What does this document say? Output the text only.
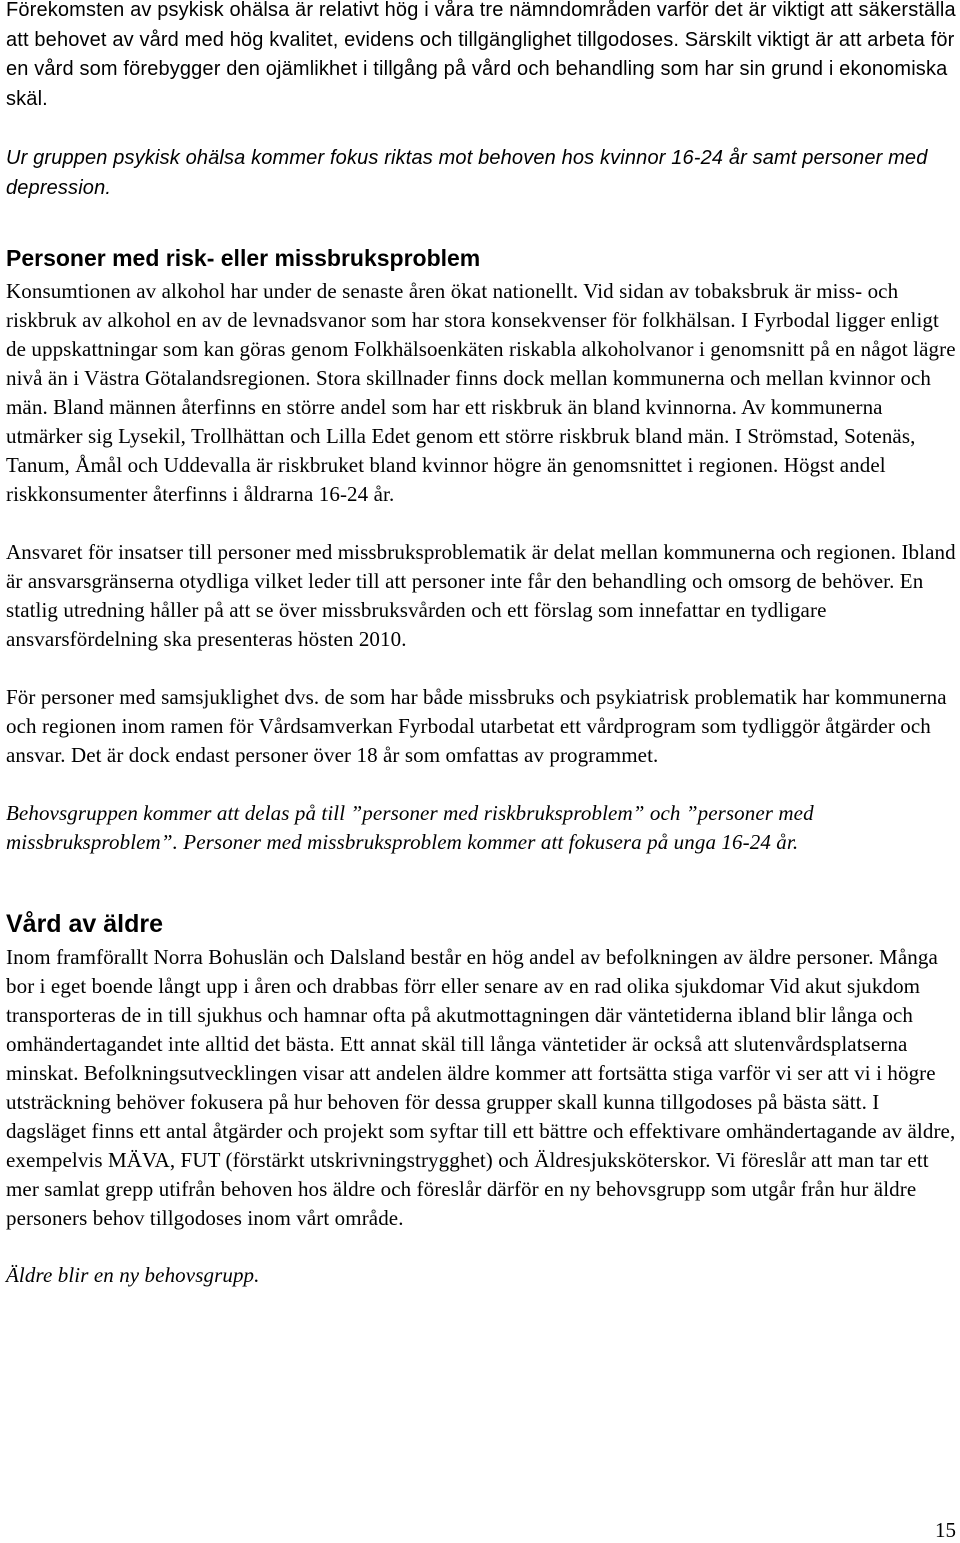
Förekomsten av psykisk ohälsa är relativt hög i våra tre nämndområden varför det är viktigt att säkerställa att behovet av vård med hög kvalitet, evidens och tillgänglighet tillgodoses. Särskilt viktigt är att arbeta för en vård som förebygger den ojämlikhet i tillgång på vård och behandling som har sin grund i ekonomiska skäl.

Ur gruppen psykisk ohälsa kommer fokus riktas mot behoven hos kvinnor 16-24 år samt personer med depression.

Personer med risk- eller missbruksproblem

Konsumtionen av alkohol har under de senaste åren ökat nationellt. Vid sidan av tobaksbruk är miss- och riskbruk av alkohol en av de levnadsvanor som har stora konsekvenser för folkhälsan. I Fyrbodal ligger enligt de uppskattningar som kan göras genom Folkhälsoenkäten riskabla alkoholvanor i genomsnitt på en något lägre nivå än i Västra Götalandsregionen. Stora skillnader finns dock mellan kommunerna och mellan kvinnor och män. Bland männen återfinns en större andel som har ett riskbruk än bland kvinnorna. Av kommunerna utmärker sig Lysekil, Trollhättan och Lilla Edet genom ett större riskbruk bland män. I Strömstad, Sotenäs, Tanum, Åmål och Uddevalla är riskbruket bland kvinnor högre än genomsnittet i regionen. Högst andel riskkonsumenter återfinns i åldrarna 16-24 år.

Ansvaret för insatser till personer med missbruksproblematik är delat mellan kommunerna och regionen. Ibland är ansvarsgränserna otydliga vilket leder till att personer inte får den behandling och omsorg de behöver. En statlig utredning håller på att se över missbruksvården och ett förslag som innefattar en tydligare ansvarsfördelning ska presenteras hösten 2010.

För personer med samsjuklighet dvs. de som har både missbruks och psykiatrisk problematik har kommunerna och regionen inom ramen för Vårdsamverkan Fyrbodal utarbetat ett vårdprogram som tydliggör åtgärder och ansvar. Det är dock endast personer över 18 år som omfattas av programmet.

Behovsgruppen kommer att delas på till ”personer med riskbruksproblem” och ”personer med missbruksproblem”. Personer med missbruksproblem kommer att fokusera på unga 16-24 år.

Vård av äldre

Inom framförallt Norra Bohuslän och Dalsland består en hög andel av befolkningen av äldre personer. Många bor i eget boende långt upp i åren och drabbas förr eller senare av en rad olika sjukdomar Vid akut sjukdom transporteras de in till sjukhus och hamnar ofta på akutmottagningen där väntetiderna ibland blir långa och omhändertagandet inte alltid det bästa. Ett annat skäl till långa väntetider är också att slutenvårdsplatserna minskat. Befolkningsutvecklingen visar att andelen äldre kommer att fortsätta stiga varför vi ser att vi i högre utsträckning behöver fokusera på hur behoven för dessa grupper skall kunna tillgodoses på bästa sätt. I dagsläget finns ett antal åtgärder och projekt som syftar till ett bättre och effektivare omhändertagande av äldre, exempelvis MÄVA, FUT (förstärkt utskrivningstrygghet) och Äldresjuksköterskor. Vi föreslår att man tar ett mer samlat grepp utifrån behoven hos äldre och föreslår därför en ny behovsgrupp som utgår från hur äldre personers behov tillgodoses inom vårt område.

Äldre blir en ny behovsgrupp.

15
